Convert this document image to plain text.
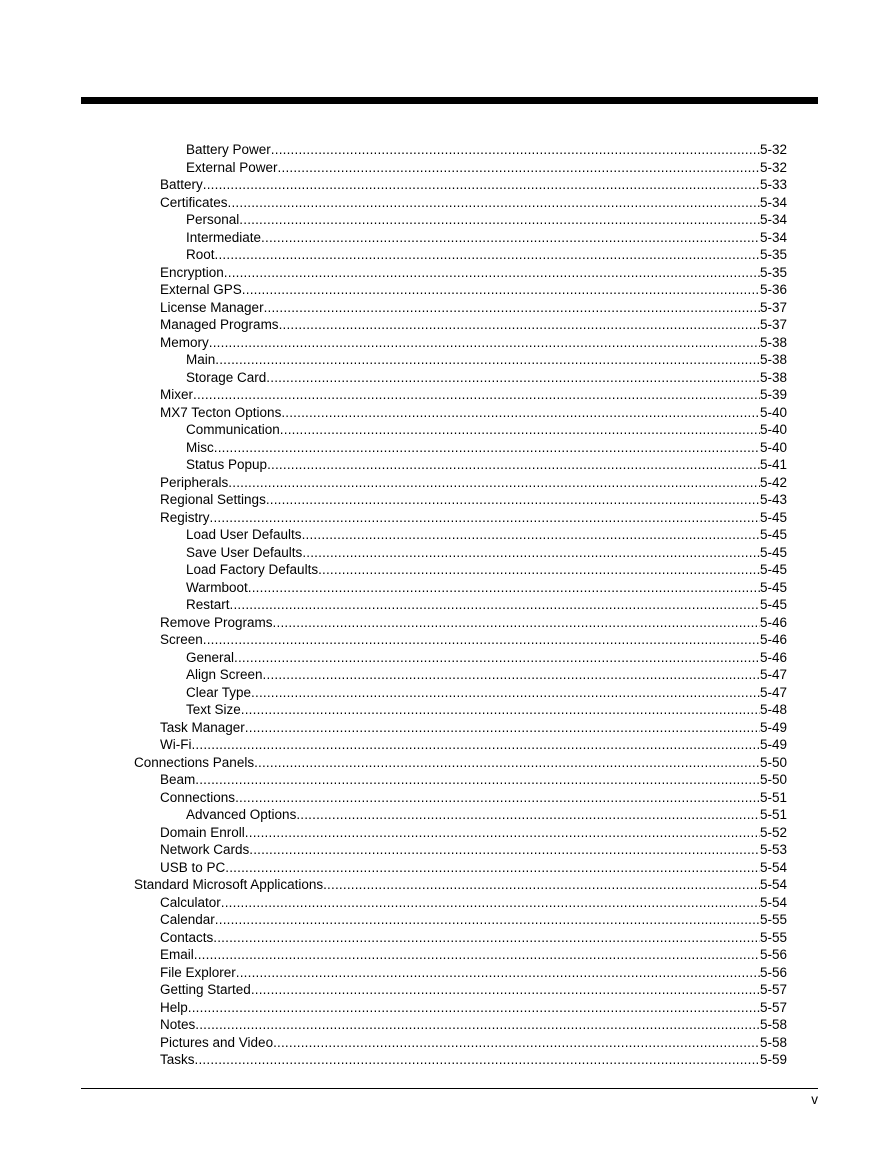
Battery Power .....	5-32
External Power .....	5-32
Battery .....	5-33
Certificates .....	5-34
Personal .....	5-34
Intermediate .....	5-34
Root .....	5-35
Encryption .....	5-35
External GPS .....	5-36
License Manager .....	5-37
Managed Programs .....	5-37
Memory .....	5-38
Main .....	5-38
Storage Card .....	5-38
Mixer .....	5-39
MX7 Tecton Options .....	5-40
Communication .....	5-40
Misc .....	5-40
Status Popup .....	5-41
Peripherals .....	5-42
Regional Settings .....	5-43
Registry .....	5-45
Load User Defaults .....	5-45
Save User Defaults .....	5-45
Load Factory Defaults .....	5-45
Warmboot .....	5-45
Restart .....	5-45
Remove Programs .....	5-46
Screen .....	5-46
General .....	5-46
Align Screen .....	5-47
Clear Type .....	5-47
Text Size .....	5-48
Task Manager .....	5-49
Wi-Fi .....	5-49
Connections Panels .....	5-50
Beam .....	5-50
Connections .....	5-51
Advanced Options .....	5-51
Domain Enroll .....	5-52
Network Cards .....	5-53
USB to PC .....	5-54
Standard Microsoft Applications .....	5-54
Calculator .....	5-54
Calendar .....	5-55
Contacts .....	5-55
Email .....	5-56
File Explorer .....	5-56
Getting Started .....	5-57
Help .....	5-57
Notes .....	5-58
Pictures and Video .....	5-58
Tasks .....	5-59
v
